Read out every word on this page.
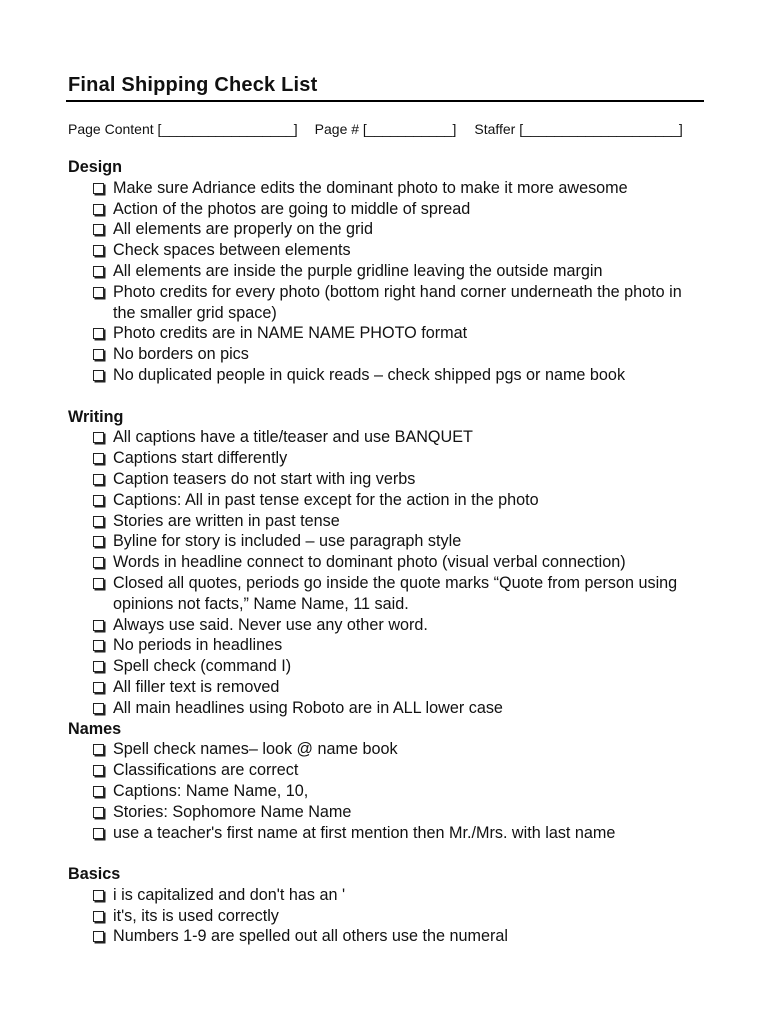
Final Shipping Check List
Page Content [_________________] Page # [___________] Staffer [____________________]
Design
Make sure Adriance edits the dominant photo to make it more awesome
Action of the photos are going to middle of spread
All elements are properly on the grid
Check spaces between elements
All elements are inside the purple gridline leaving the outside margin
Photo credits for every photo (bottom right hand corner underneath the photo in the smaller grid space)
Photo credits are in NAME NAME PHOTO format
No borders on pics
No duplicated people in quick reads – check shipped pgs or name book
Writing
All captions have a title/teaser and use BANQUET
Captions start differently
Caption teasers do not start with ing verbs
Captions: All in past tense except for the action in the photo
Stories are written in past tense
Byline for story is included – use paragraph style
Words in headline connect to dominant photo (visual verbal connection)
Closed all quotes, periods go inside the quote marks “Quote from person using opinions not facts,” Name Name, 11 said.
Always use said. Never use any other word.
No periods in headlines
Spell check (command I)
All filler text is removed
All main headlines using Roboto are in ALL lower case
Names
Spell check names– look @ name book
Classifications are correct
Captions: Name Name, 10,
Stories: Sophomore Name Name
use a teacher's first name at first mention then Mr./Mrs. with last name
Basics
i is capitalized and don't has an '
it's, its is used correctly
Numbers 1-9 are spelled out all others use the numeral
